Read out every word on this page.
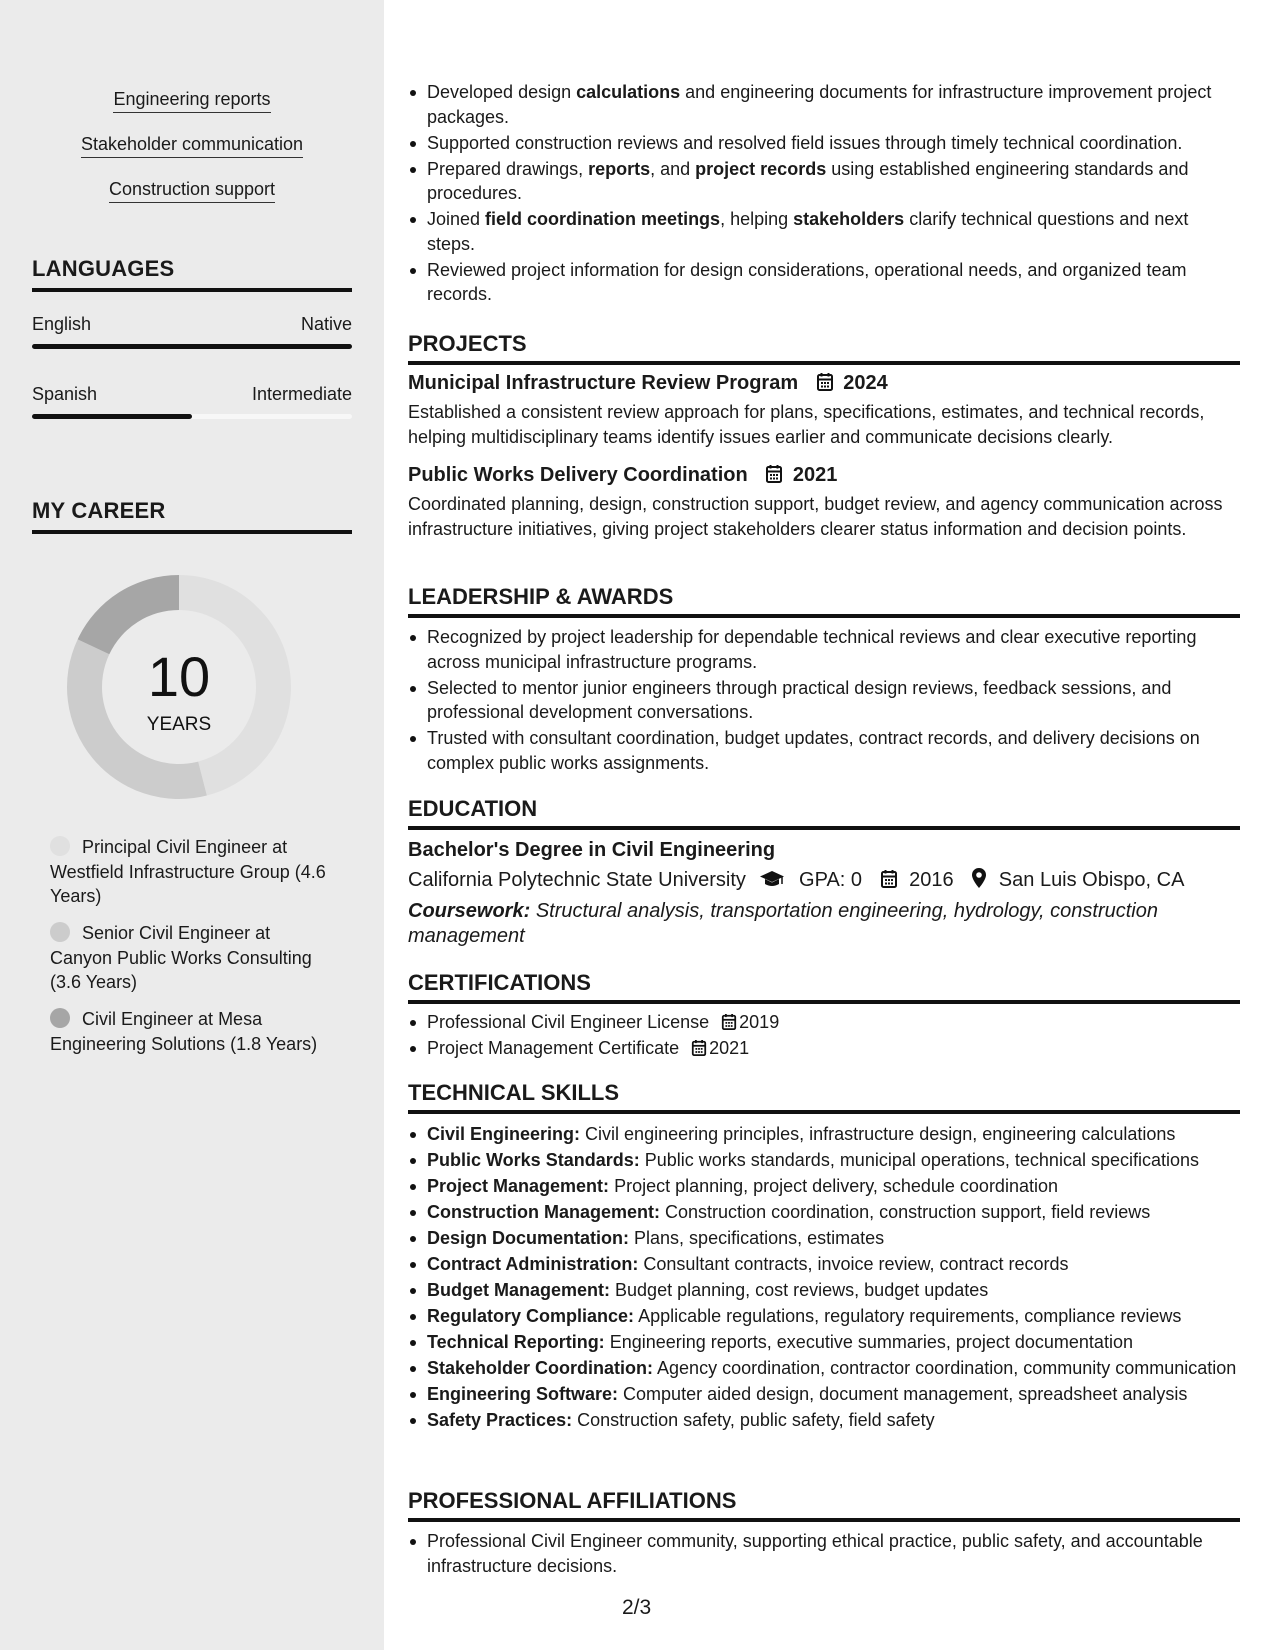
Engineering reports
Stakeholder communication
Construction support
LANGUAGES
English	Native
Spanish	Intermediate
MY CAREER
10
YEARS
Principal Civil Engineer at Westfield Infrastructure Group (4.6 Years)
Senior Civil Engineer at Canyon Public Works Consulting (3.6 Years)
Civil Engineer at Mesa Engineering Solutions (1.8 Years)
Developed design calculations and engineering documents for infrastructure improvement project packages.
Supported construction reviews and resolved field issues through timely technical coordination.
Prepared drawings, reports, and project records using established engineering standards and procedures.
Joined field coordination meetings, helping stakeholders clarify technical questions and next steps.
Reviewed project information for design considerations, operational needs, and organized team records.
PROJECTS
Municipal Infrastructure Review Program 2024
Established a consistent review approach for plans, specifications, estimates, and technical records, helping multidisciplinary teams identify issues earlier and communicate decisions clearly.
Public Works Delivery Coordination 2021
Coordinated planning, design, construction support, budget review, and agency communication across infrastructure initiatives, giving project stakeholders clearer status information and decision points.
LEADERSHIP & AWARDS
Recognized by project leadership for dependable technical reviews and clear executive reporting across municipal infrastructure programs.
Selected to mentor junior engineers through practical design reviews, feedback sessions, and professional development conversations.
Trusted with consultant coordination, budget updates, contract records, and delivery decisions on complex public works assignments.
EDUCATION
Bachelor's Degree in Civil Engineering
California Polytechnic State University	GPA: 0 2016 San Luis Obispo, CA
Coursework: Structural analysis, transportation engineering, hydrology, construction management
CERTIFICATIONS
Professional Civil Engineer License 2019
Project Management Certificate 2021
TECHNICAL SKILLS
Civil Engineering: Civil engineering principles, infrastructure design, engineering calculations
Public Works Standards: Public works standards, municipal operations, technical specifications
Project Management: Project planning, project delivery, schedule coordination
Construction Management: Construction coordination, construction support, field reviews
Design Documentation: Plans, specifications, estimates
Contract Administration: Consultant contracts, invoice review, contract records
Budget Management: Budget planning, cost reviews, budget updates
Regulatory Compliance: Applicable regulations, regulatory requirements, compliance reviews
Technical Reporting: Engineering reports, executive summaries, project documentation
Stakeholder Coordination: Agency coordination, contractor coordination, community communication
Engineering Software: Computer aided design, document management, spreadsheet analysis
Safety Practices: Construction safety, public safety, field safety
PROFESSIONAL AFFILIATIONS
Professional Civil Engineer community, supporting ethical practice, public safety, and accountable infrastructure decisions.
2/3
